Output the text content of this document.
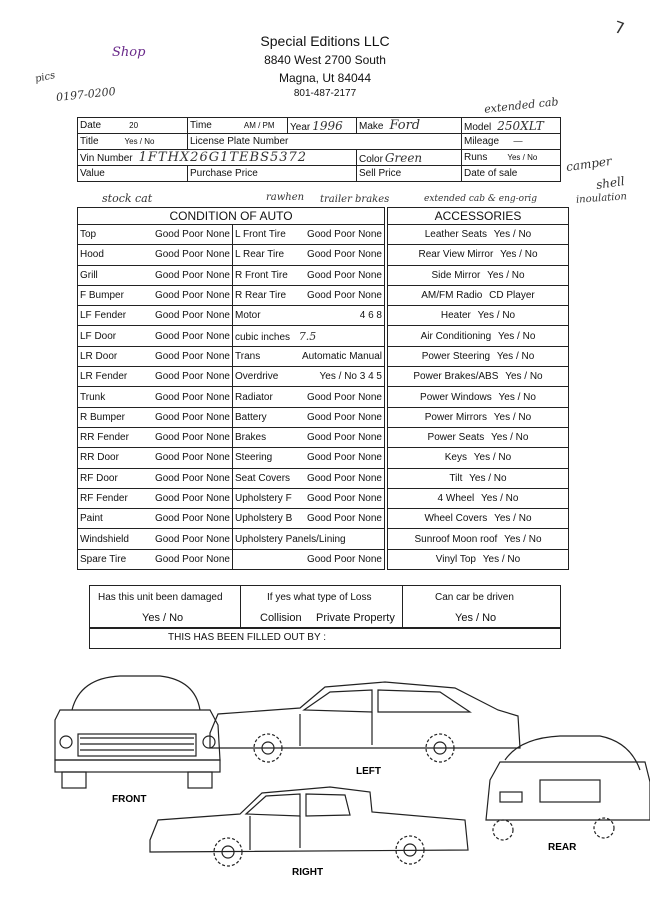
Special Editions LLC
8840 West 2700 South
Magna, Ut 84044
801-487-2177
Shop
pics
0197-0200
extended cab
camper
shell
inoulation
stock cat	rawhen trailer brakes	extended cab & eng-orig
⅂
Date 20	Time AM / PM	Year 1996	Make Ford	Model 250XLT
Title Yes / No	License Plate Number			Mileage —
Vin Number 1FTHX26G1TEBS5372			Color Green	Runs Yes / No
Value	Purchase Price		Sell Price	Date of sale
CONDITION OF AUTO	
Top Good Poor None	L Front Tire Good Poor None

Hood Good Poor None	L Rear Tire Good Poor None

Grill Good Poor None	R Front Tire Good Poor None

F Bumper Good Poor None	R Rear Tire Good Poor None

LF Fender Good Poor None	Motor 4 6 8

LF Door Good Poor None	cubic inches 7.5
LR Door Good Poor None	Trans Automatic Manual

LR Fender Good Poor None	Overdrive Yes / No 3 4 5

Trunk Good Poor None	Radiator Good Poor None

R Bumper Good Poor None	Battery Good Poor None

RR Fender Good Poor None	Brakes Good Poor None

RR Door Good Poor None	Steering Good Poor None

RF Door Good Poor None	Seat Covers Good Poor None

RF Fender Good Poor None	Upholstery F Good Poor None

Paint Good Poor None	Upholstery B Good Poor None

Windshield Good Poor None	Upholstery Panels/Lining

Spare Tire Good Poor None	Good Poor None
ACCESSORIES
Leather Seats Yes / No
Rear View Mirror Yes / No
Side Mirror Yes / No
AM/FM Radio CD Player
Heater Yes / No
Air Conditioning Yes / No
Power Steering Yes / No
Power Brakes/ABS Yes / No
Power Windows Yes / No
Power Mirrors Yes / No
Power Seats Yes / No
Keys Yes / No
Tilt Yes / No
4 Wheel Yes / No
Wheel Covers Yes / No
Sunroof Moon roof Yes / No
Vinyl Top Yes / No
Has this unit been damaged
Yes / No
If yes what type of Loss
Collision Private Property
Can car be driven
Yes / No
THIS HAS BEEN FILLED OUT BY :
FRONT
LEFT
RIGHT
REAR
